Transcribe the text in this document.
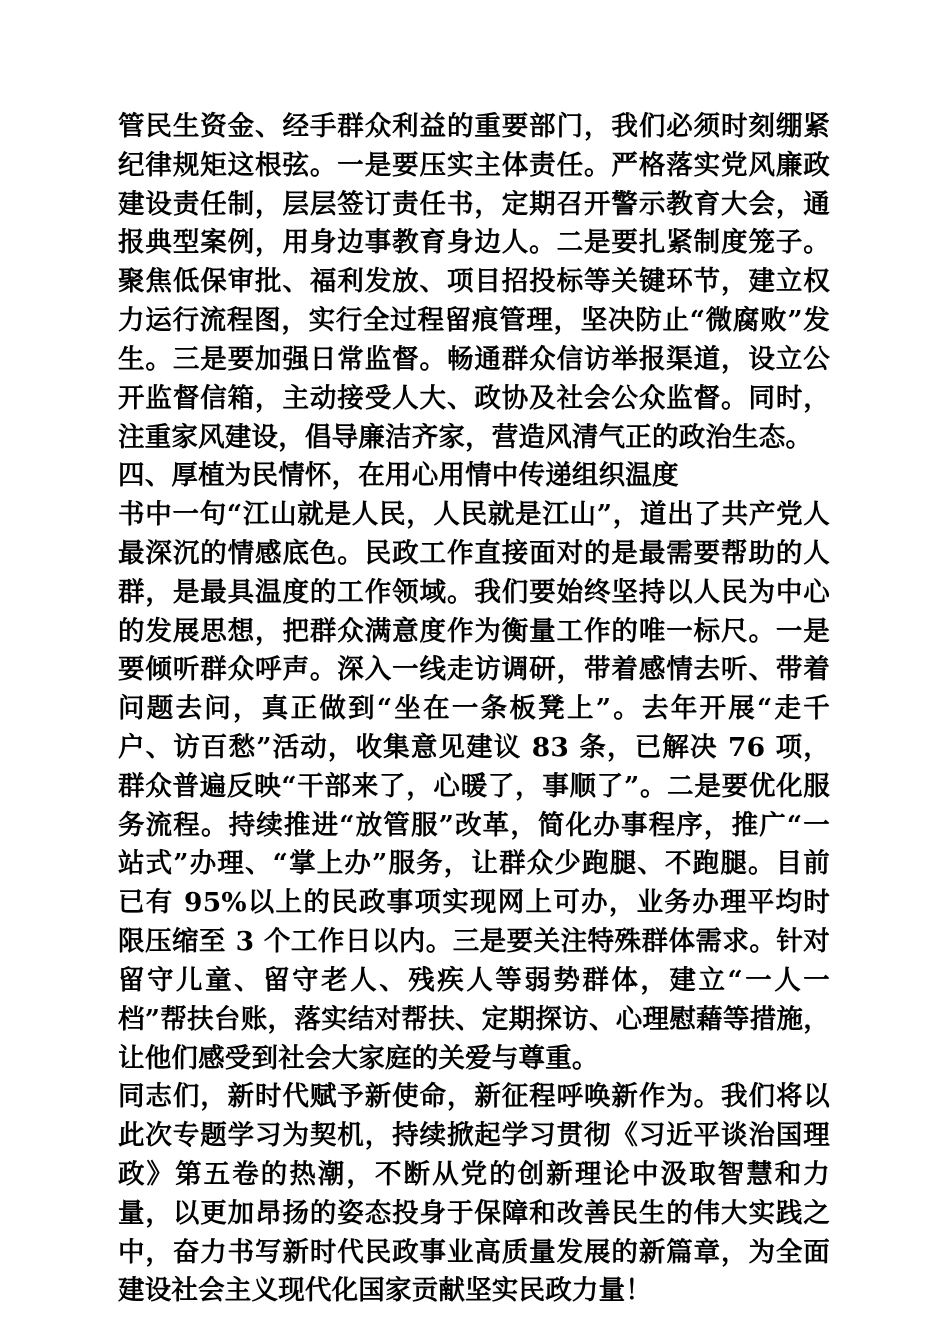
管民生资金、经手群众利益的重要部门，我们必须时刻绷紧纪律规矩这根弦。一是要压实主体责任。严格落实党风廉政建设责任制，层层签订责任书，定期召开警示教育大会，通报典型案例，用身边事教育身边人。二是要扎紧制度笼子。聚焦低保审批、福利发放、项目招投标等关键环节，建立权力运行流程图，实行全过程留痕管理，坚决防止“微腐败”发生。三是要加强日常监督。畅通群众信访举报渠道，设立公开监督信箱，主动接受人大、政协及社会公众监督。同时，注重家风建设，倡导廉洁齐家，营造风清气正的政治生态。

四、厚植为民情怀，在用心用情中传递组织温度

书中一句“江山就是人民，人民就是江山”，道出了共产党人最深沉的情感底色。民政工作直接面对的是最需要帮助的人群，是最具温度的工作领域。我们要始终坚持以人民为中心的发展思想，把群众满意度作为衡量工作的唯一标尺。一是要倾听群众呼声。深入一线走访调研，带着感情去听、带着问题去问，真正做到“坐在一条板凳上”。去年开展“走千户、访百愁”活动，收集意见建议 83 条，已解决 76 项，群众普遍反映“干部来了，心暖了，事顺了”。二是要优化服务流程。持续推进“放管服”改革，简化办事程序，推广“一站式”办理、“掌上办”服务，让群众少跑腿、不跑腿。目前已有 95%以上的民政事项实现网上可办，业务办理平均时限压缩至 3 个工作日以内。三是要关注特殊群体需求。针对留守儿童、留守老人、残疾人等弱势群体，建立“一人一档”帮扶台账，落实结对帮扶、定期探访、心理慰藉等措施，让他们感受到社会大家庭的关爱与尊重。

同志们，新时代赋予新使命，新征程呼唤新作为。我们将以此次专题学习为契机，持续掀起学习贯彻《习近平谈治国理政》第五卷的热潮，不断从党的创新理论中汲取智慧和力量，以更加昂扬的姿态投身于保障和改善民生的伟大实践之中，奋力书写新时代民政事业高质量发展的新篇章，为全面建设社会主义现代化国家贡献坚实民政力量！
